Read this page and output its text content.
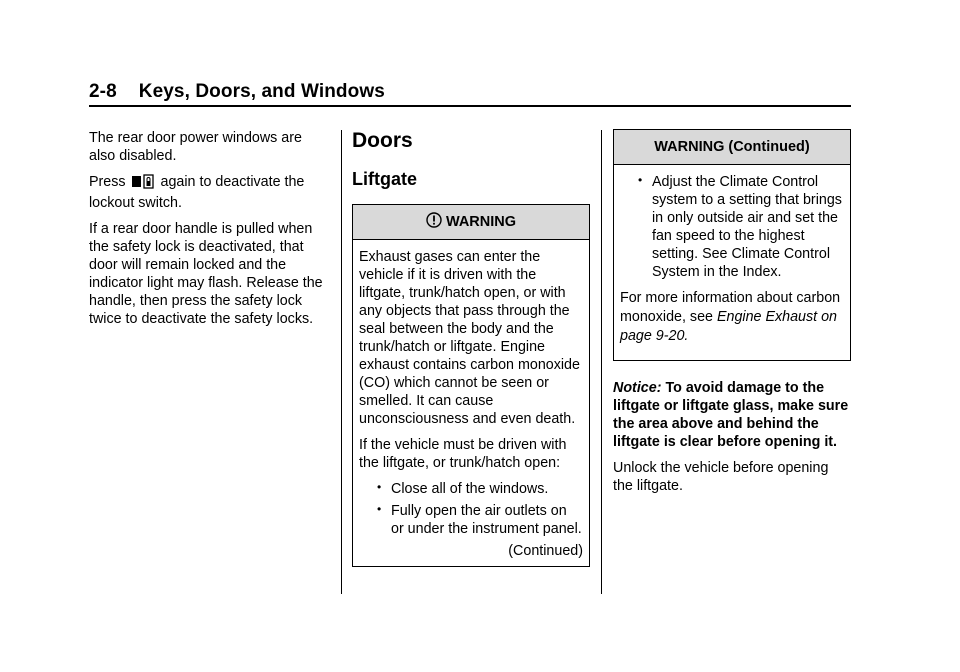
2-8 Keys, Doors, and Windows

The rear door power windows are also disabled.

Press again to deactivate the lockout switch.

If a rear door handle is pulled when the safety lock is deactivated, that door will remain locked and the indicator light may flash. Release the handle, then press the safety lock twice to deactivate the safety locks.

Doors
Liftgate
WARNING

Exhaust gases can enter the vehicle if it is driven with the liftgate, trunk/hatch open, or with any objects that pass through the seal between the body and the trunk/hatch or liftgate. Engine exhaust contains carbon monoxide (CO) which cannot be seen or smelled. It can cause unconsciousness and even death.

If the vehicle must be driven with the liftgate, or trunk/hatch open:

• Close all of the windows.
• Fully open the air outlets on or under the instrument panel.
(Continued)
WARNING (Continued)
• Adjust the Climate Control system to a setting that brings in only outside air and set the fan speed to the highest setting. See Climate Control System in the Index.

For more information about carbon monoxide, see Engine Exhaust on page 9-20.

Notice: To avoid damage to the liftgate or liftgate glass, make sure the area above and behind the liftgate is clear before opening it.

Unlock the vehicle before opening the liftgate.
